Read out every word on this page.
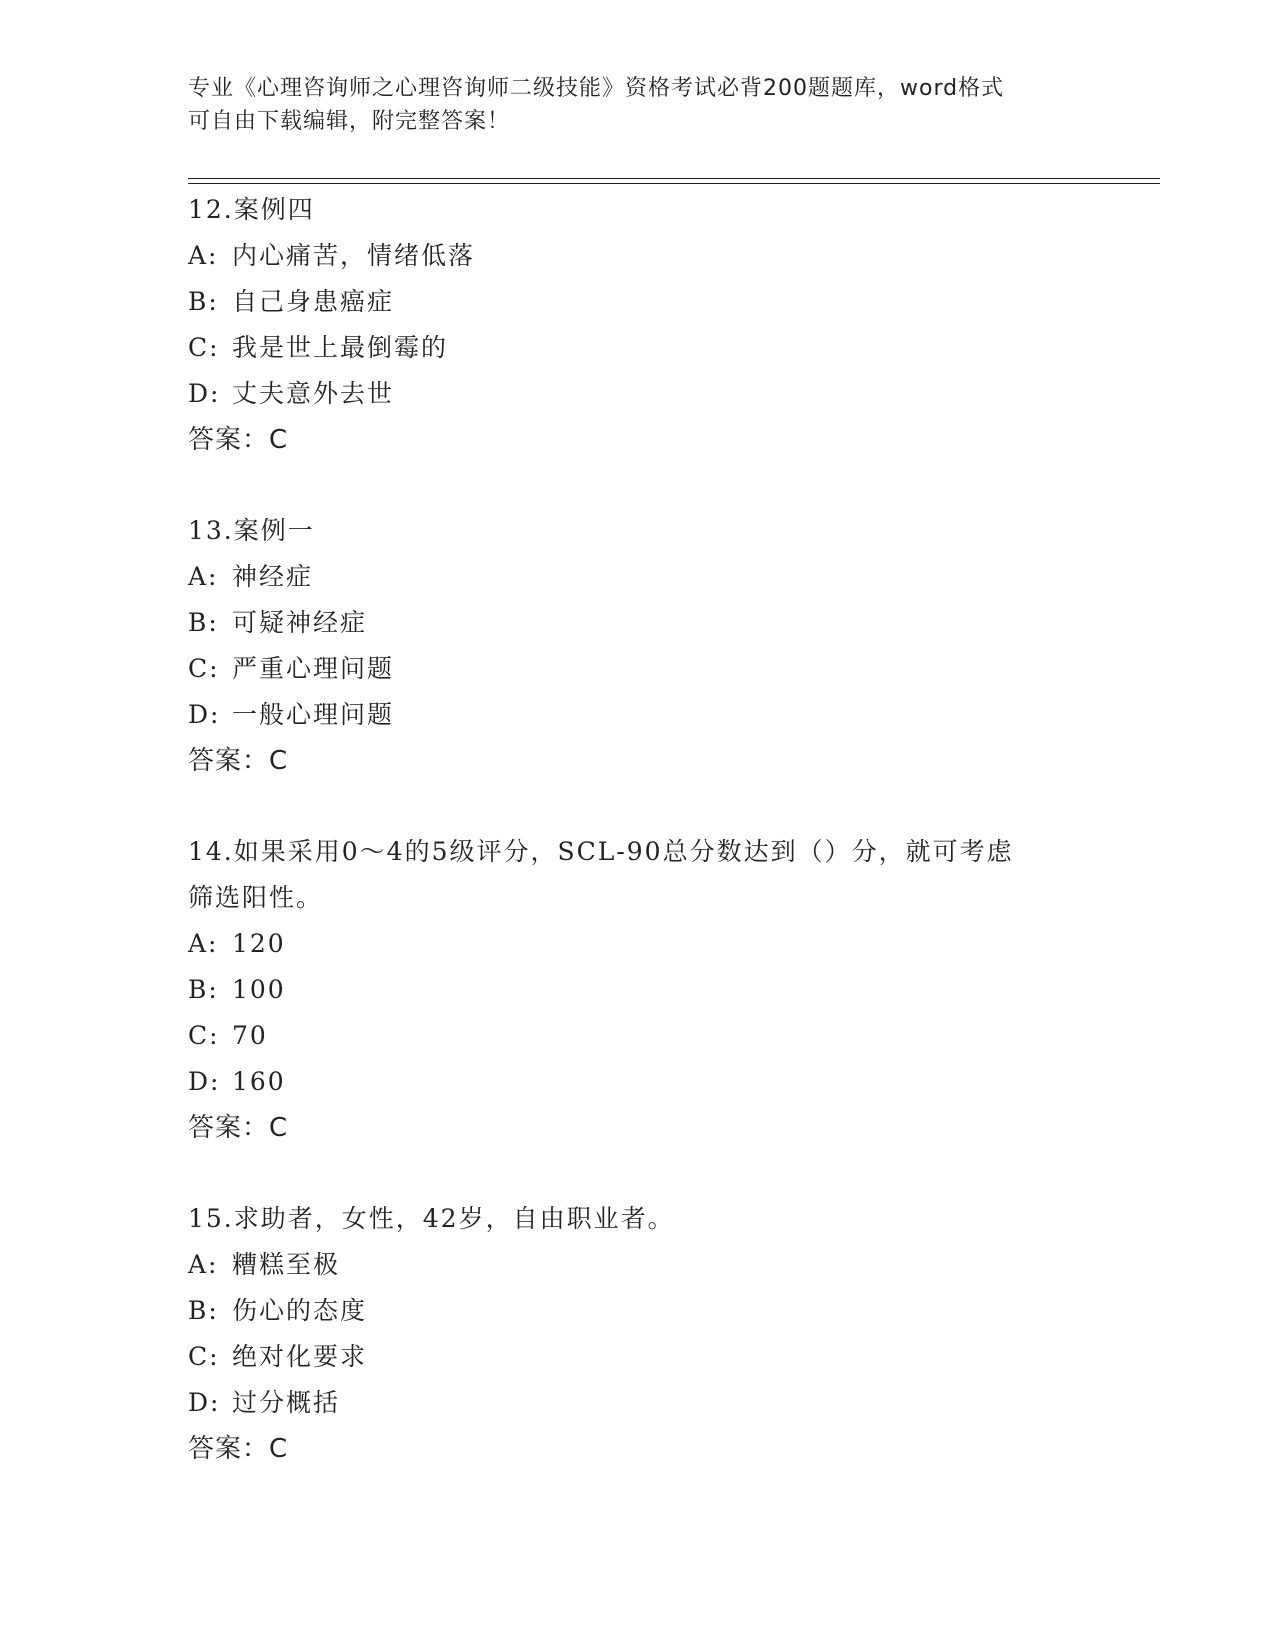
专业《心理咨询师之心理咨询师二级技能》资格考试必背200题题库，word格式
可自由下载编辑，附完整答案！
12.案例四
A: 内心痛苦，情绪低落
B: 自己身患癌症
C: 我是世上最倒霉的
D: 丈夫意外去世
答案：C
13.案例一
A: 神经症
B: 可疑神经症
C: 严重心理问题
D: 一般心理问题
答案：C
14.如果采用0～4的5级评分，SCL-90总分数达到（）分，就可考虑
筛选阳性。
A: 120
B: 100
C: 70
D: 160
答案：C
15.求助者，女性，42岁，自由职业者。
A: 糟糕至极
B: 伤心的态度
C: 绝对化要求
D: 过分概括
答案：C
